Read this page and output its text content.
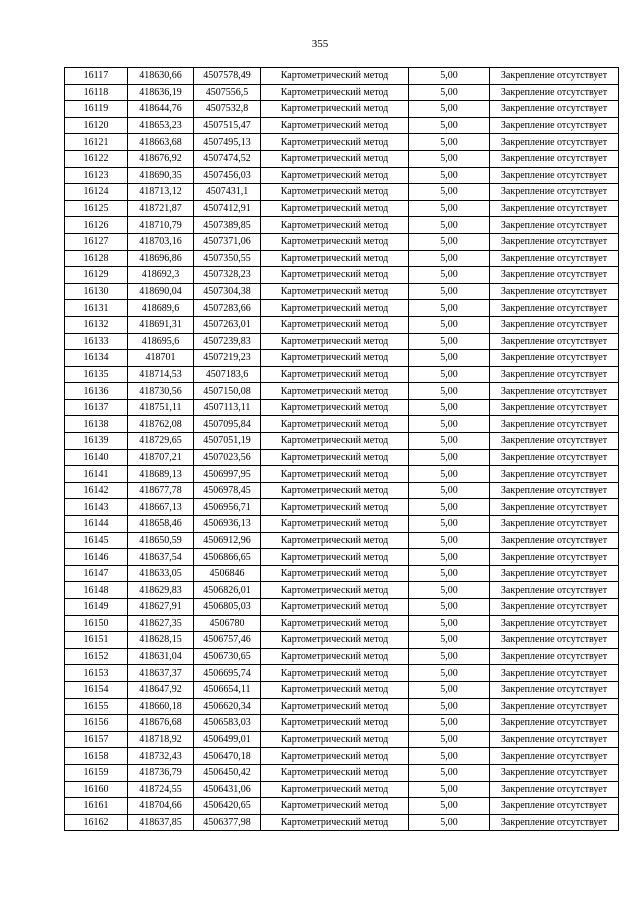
355
16117	418630,66	4507578,49	Картометрический метод	5,00	Закрепление отсутствует
16118	418636,19	4507556,5	Картометрический метод	5,00	Закрепление отсутствует
16119	418644,76	4507532,8	Картометрический метод	5,00	Закрепление отсутствует
16120	418653,23	4507515,47	Картометрический метод	5,00	Закрепление отсутствует
16121	418663,68	4507495,13	Картометрический метод	5,00	Закрепление отсутствует
16122	418676,92	4507474,52	Картометрический метод	5,00	Закрепление отсутствует
16123	418690,35	4507456,03	Картометрический метод	5,00	Закрепление отсутствует
16124	418713,12	4507431,1	Картометрический метод	5,00	Закрепление отсутствует
16125	418721,87	4507412,91	Картометрический метод	5,00	Закрепление отсутствует
16126	418710,79	4507389,85	Картометрический метод	5,00	Закрепление отсутствует
16127	418703,16	4507371,06	Картометрический метод	5,00	Закрепление отсутствует
16128	418696,86	4507350,55	Картометрический метод	5,00	Закрепление отсутствует
16129	418692,3	4507328,23	Картометрический метод	5,00	Закрепление отсутствует
16130	418690,04	4507304,38	Картометрический метод	5,00	Закрепление отсутствует
16131	418689,6	4507283,66	Картометрический метод	5,00	Закрепление отсутствует
16132	418691,31	4507263,01	Картометрический метод	5,00	Закрепление отсутствует
16133	418695,6	4507239,83	Картометрический метод	5,00	Закрепление отсутствует
16134	418701	4507219,23	Картометрический метод	5,00	Закрепление отсутствует
16135	418714,53	4507183,6	Картометрический метод	5,00	Закрепление отсутствует
16136	418730,56	4507150,08	Картометрический метод	5,00	Закрепление отсутствует
16137	418751,11	4507113,11	Картометрический метод	5,00	Закрепление отсутствует
16138	418762,08	4507095,84	Картометрический метод	5,00	Закрепление отсутствует
16139	418729,65	4507051,19	Картометрический метод	5,00	Закрепление отсутствует
16140	418707,21	4507023,56	Картометрический метод	5,00	Закрепление отсутствует
16141	418689,13	4506997,95	Картометрический метод	5,00	Закрепление отсутствует
16142	418677,78	4506978,45	Картометрический метод	5,00	Закрепление отсутствует
16143	418667,13	4506956,71	Картометрический метод	5,00	Закрепление отсутствует
16144	418658,46	4506936,13	Картометрический метод	5,00	Закрепление отсутствует
16145	418650,59	4506912,96	Картометрический метод	5,00	Закрепление отсутствует
16146	418637,54	4506866,65	Картометрический метод	5,00	Закрепление отсутствует
16147	418633,05	4506846	Картометрический метод	5,00	Закрепление отсутствует
16148	418629,83	4506826,01	Картометрический метод	5,00	Закрепление отсутствует
16149	418627,91	4506805,03	Картометрический метод	5,00	Закрепление отсутствует
16150	418627,35	4506780	Картометрический метод	5,00	Закрепление отсутствует
16151	418628,15	4506757,46	Картометрический метод	5,00	Закрепление отсутствует
16152	418631,04	4506730,65	Картометрический метод	5,00	Закрепление отсутствует
16153	418637,37	4506695,74	Картометрический метод	5,00	Закрепление отсутствует
16154	418647,92	4506654,11	Картометрический метод	5,00	Закрепление отсутствует
16155	418660,18	4506620,34	Картометрический метод	5,00	Закрепление отсутствует
16156	418676,68	4506583,03	Картометрический метод	5,00	Закрепление отсутствует
16157	418718,92	4506499,01	Картометрический метод	5,00	Закрепление отсутствует
16158	418732,43	4506470,18	Картометрический метод	5,00	Закрепление отсутствует
16159	418736,79	4506450,42	Картометрический метод	5,00	Закрепление отсутствует
16160	418724,55	4506431,06	Картометрический метод	5,00	Закрепление отсутствует
16161	418704,66	4506420,65	Картометрический метод	5,00	Закрепление отсутствует
16162	418637,85	4506377,98	Картометрический метод	5,00	Закрепление отсутствует
